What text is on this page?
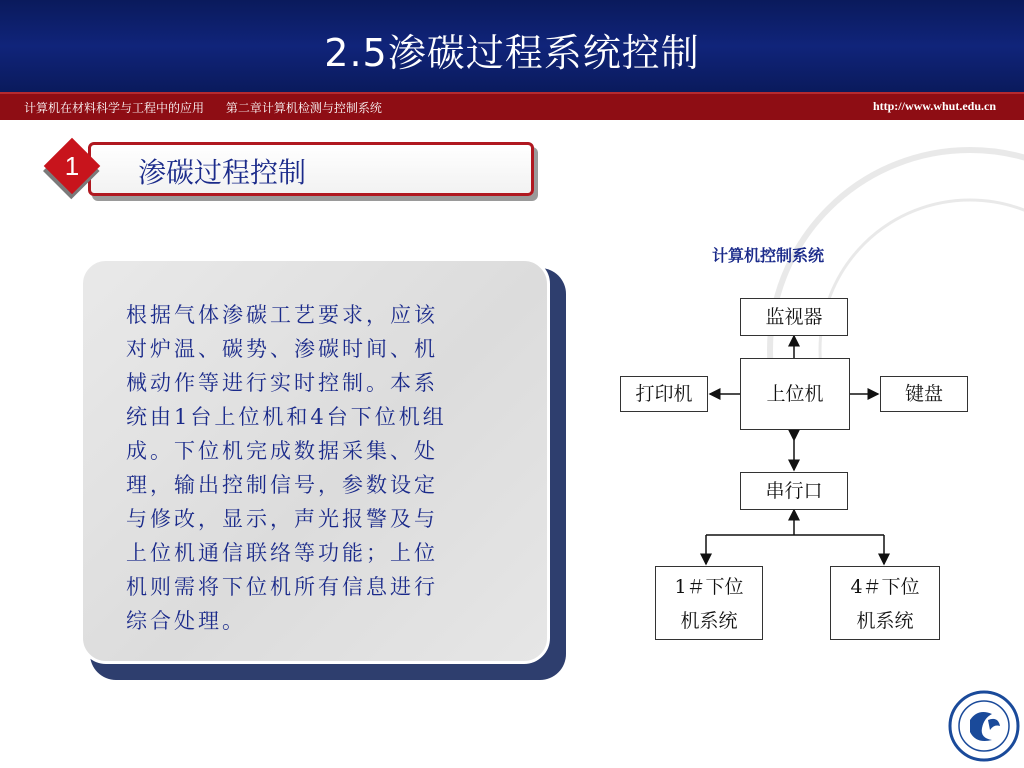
2.5渗碳过程系统控制
计算机在材料科学与工程中的应用 第二章计算机检测与控制系统	http://www.whut.edu.cn
1	渗碳过程控制
根据气体渗碳工艺要求，应该
对炉温、碳势、渗碳时间、机
械动作等进行实时控制。本系
统由1台上位机和4台下位机组
成。下位机完成数据采集、处
理，输出控制信号，参数设定
与修改，显示，声光报警及与
上位机通信联络等功能；上位
机则需将下位机所有信息进行
综合处理。
计算机控制系统
监视器
上位机
打印机	键盘
串行口
1＃下位
机系统
4＃下位
机系统
